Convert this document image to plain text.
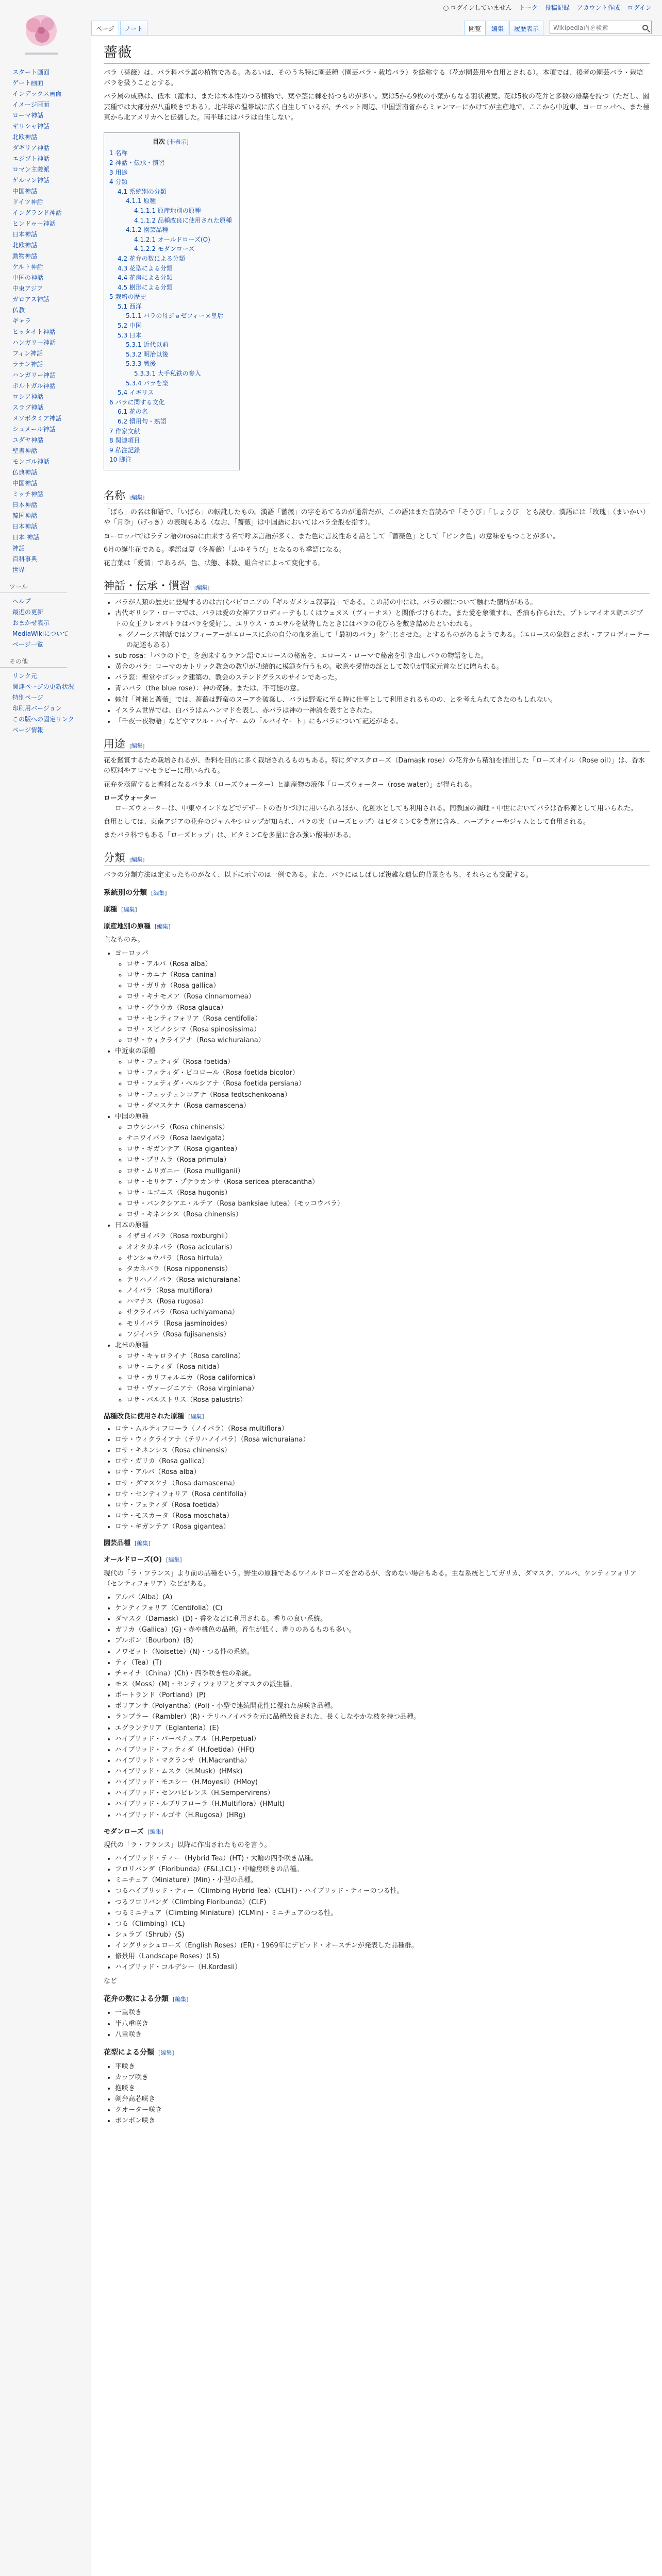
ログインしていません トーク 投稿記録 アカウント作成 ログイン
ページ	ノート	閲覧	編集	履歴表示	Wikipedia内を検索
スタート画面
ゲート画面
インデックス画面
イメージ画面
ローマ神話
ギリシャ神話
北欧神話
ダギリア神話
エジプト神話
ロマン主義派
ゲルマン神話
中国神話
ドイツ神話
イングランド神話
ヒンドゥー神話
日本神話
北欧神話
動物神話
ケルト神話
中国の神話
中東アジア
ガロアス神話
仏教
ギャラ
ヒッタイト神話
ハンガリー神話
フィン神話
ラテン神話
ハンガリー神話
ポルトガル神話
ロシア神話
スラブ神話
メソポタミア神話
シュメール神話
ユダヤ神話
聖書神話
モンゴル神話
仏典神話
中国神話
ミッチ神話
日本神話
韓国神話
日本神話
日本 神話
神話
百科事典
世界
ツール
ヘルプ
最近の更新
おまかせ表示
MediaWikiについて
ページ一覧
その他
リンク元
関連ページの更新状況
特別ページ
印刷用バージョン
この版への固定リンク
ページ情報
薔薇

バラ（薔薇）は、バラ科バラ属の植物である。あるいは、そのうち特に園芸種（園芸バラ・栽培バラ）を総称する（花が園芸用や食用とされる）。本項では、後者の園芸バラ・栽培バラを扱うこととする。

バラ属の成熟は、低木（灌木）、または木本性のつる植物で、葉や茎に棘を持つものが多い。葉は5から9枚の小葉からなる羽状複葉。花は5枚の花弁と多数の雄蘂を持つ（ただし、園芸種では大部分が八重咲きである）。北半球の温帯域に広く自生しているが、チベット周辺、中国雲南省からミャンマーにかけてが主産地で、ここから中近東、ヨーロッパへ、また極東から北アメリカへと伝播した。南半球にはバラは自生しない。

目次 [非表示]
1 名称
2 神話・伝承・慣習
3 用途
4 分類
4.1 系統別の分類
4.1.1 原種
4.1.1.1 原産地別の原種
4.1.1.2 品種改良に使用された原種
4.1.2 園芸品種
4.1.2.1 オールドローズ(O)
4.1.2.2 モダンローズ
4.2 花弁の数による分類
4.3 花型による分類
4.4 花房による分類
4.5 樹形による分類
5 栽培の歴史
5.1 西洋
5.1.1 バラの母ジョゼフィーヌ皇后
5.2 中国
5.3 日本
5.3.1 近代以前
5.3.2 明治以後
5.3.3 戦後
5.3.3.1 大手私鉄の参入
5.3.4 バラを楽
5.4 イギリス
6 バラに関する文化
6.1 花の名
6.2 慣用句・熟語
7 作家文献
8 関連項目
9 私注記録
10 脚注
名称 [編集]

「ばら」の名は和語で、「いばら」の転訛したもの。漢語「薔薇」の字をあてるのが通常だが、この語はまた音読みで「そうび」「しょうび」とも読む。漢語には「玫瑰」（まいかい）や「月季」（げっき）の表現もある（なお、「薔薇」は中国語においてはバラ全般を指す）。

ヨーロッパではラテン語のrosaに由来する名で呼ぶ言語が多く、また色に言及性ある話として「薔薇色」として「ピンク色」の意味をもつことが多い。

6月の誕生花である。季語は夏（冬薔薇）「ふゆそうび」となるのも季語になる。

花言葉は「愛情」であるが、色、状態、本数、組合せによって変化する。

神話・伝承・慣習 [編集]
• バラが人類の歴史に登場するのは古代バビロニアの「ギルガメシュ叙事詩」である。この詩の中には、バラの棘について触れた箇所がある。
• 古代ギリシア・ローマでは、バラは愛の女神アフロディーテもしくはウェヌス（ヴィーナス）と関係づけられた。また愛を象徴すれ、香油も作られた。プトレマイオス朝エジプトの女王クレオパトラはバラを愛好し、ユリウス・カエサルを歓待したときにはバラの花びらを敷き詰めたといわれる。
◦ グノーシス神話ではソフィーアーがエロースに恋の自分の血を流して「最初のバラ」を生じさせた。とするものがあるようである。（エロースの象徴とされ・アフロディーテーの記述もある）
• sub rosa：「バラの下で」を意味するラテン語でエロースの秘密を、エロース・ローマで秘密を引き出しバラの物語をした。
• 黄金のバラ：ローマのカトリック教会の教皇が功績的に模範を行うもの。敬意や愛情の証として教皇が国家元首などに贈られる。
• バラ窓：聖堂やゴシック建築の、教会のステンドグラスのサインであった。
• 青いバラ（the blue rose）：神の奇跡。または、不可能の意。
• 棘付「神秘と薔薇」では、薔薇は野蛮のヌーアを破棄し、バラは野蛮に至る時に仕事として利用されるものの、とを考えられてきたのもしれない。
• イスラム世界では、白バラはムハンマドを表し、赤バラは神の一神論を表すとされた。
• 「千夜一夜物語」などやマワル・ハイヤームの「ルバイヤート」にもバラについて記述がある。
用途 [編集]

花を鑑賞するため栽培されるが、香料を目的に多く栽培されるものもある。特にダマスクローズ（Damask rose）の花弁から精油を抽出した「ローズオイル（Rose oil）」は、香水の原料やアロマセラピーに用いられる。

花弁を蒸留すると香料となるバラ水（ローズウォーター）と副産物の液体「ローズウォーター（rose water）」が得られる。

ローズウォーター
ローズウォーターは、中東やインドなどでデザートの香りづけに用いられるほか、化粧水としても利用される。同教国の調理・中世においてバラは香料源として用いられた。

食用としては、東南アジアの花弁のジャムやシロップが知られ、バラの実（ローズヒップ）はビタミンCを豊富に含み、ハーブティーやジャムとして食用される。

またバラ科でもある「ローズヒップ」は、ビタミンCを多量に含み強い酸味がある。

分類 [編集]

バラの分類方法は定まったものがなく、以下に示すのは一例である。また、バラにはしばしば複雑な遺伝的背景をもち、それらとも交配する。

系統別の分類 [編集]
原種 [編集]
原産地別の原種 [編集]

主なものみ。

• ヨーロッパ
◦ ロサ・アルバ（Rosa alba）
◦ ロサ・カニナ（Rosa canina）
◦ ロサ・ガリカ（Rosa gallica）
◦ ロサ・キナモメア（Rosa cinnamomea）
◦ ロサ・グラウカ（Rosa glauca）
◦ ロサ・センティフォリア（Rosa centifolia）
◦ ロサ・スピノシシマ（Rosa spinosissima）
◦ ロサ・ウィクライアナ（Rosa wichuraiana）
• 中近東の原種
◦ ロサ・フェティダ（Rosa foetida）
◦ ロサ・フェティダ・ビコロール（Rosa foetida bicolor）
◦ ロサ・フェティダ・ペルシアナ（Rosa foetida persiana）
◦ ロサ・フェッチェンコアナ（Rosa fedtschenkoana）
◦ ロサ・ダマスケナ（Rosa damascena）
• 中国の原種
◦ コウシンバラ（Rosa chinensis）
◦ ナニワイバラ（Rosa laevigata）
◦ ロサ・ギガンテア（Rosa gigantea）
◦ ロサ・プリムラ（Rosa primula）
◦ ロサ・ムリガニー（Rosa mulliganii）
◦ ロサ・セリケア・プテラカンサ（Rosa sericea pteracantha）
◦ ロサ・ユゴニス（Rosa hugonis）
◦ ロサ・バンクシアエ・ルテア（Rosa banksiae lutea）（モッコウバラ）
◦ ロサ・キネンシス（Rosa chinensis）
• 日本の原種
◦ イザヨイバラ（Rosa roxburghii）
◦ オオタカネバラ（Rosa acicularis）
◦ サンショウバラ（Rosa hirtula）
◦ タカネバラ（Rosa nipponensis）
◦ テリハノイバラ（Rosa wichuraiana）
◦ ノイバラ（Rosa multiflora）
◦ ハマナス（Rosa rugosa）
◦ サクライバラ（Rosa uchiyamana）
◦ モリイバラ（Rosa jasminoides）
◦ フジイバラ（Rosa fujisanensis）
• 北米の原種
◦ ロサ・キャロライナ（Rosa carolina）
◦ ロサ・ニティダ（Rosa nitida）
◦ ロサ・カリフォルニカ（Rosa californica）
◦ ロサ・ヴァージニアナ（Rosa virginiana）
◦ ロサ・パルストリス（Rosa palustris）
品種改良に使用された原種 [編集]
• ロサ・ムルティフローラ（ノイバラ）（Rosa multiflora）
• ロサ・ウィクライアナ（テリハノイバラ）（Rosa wichuraiana）
• ロサ・キネンシス（Rosa chinensis）
• ロサ・ガリカ（Rosa gallica）
• ロサ・アルバ（Rosa alba）
• ロサ・ダマスケナ（Rosa damascena）
• ロサ・センティフォリア（Rosa centifolia）
• ロサ・フェティダ（Rosa foetida）
• ロサ・モスカータ（Rosa moschata）
• ロサ・ギガンテア（Rosa gigantea）
園芸品種 [編集]
オールドローズ(O) [編集]

現代の「ラ・フランス」より前の品種をいう。野生の原種であるワイルドローズを含めるが、含めない場合もある。主な系統としてガリカ、ダマスク、アルバ、ケンティフォリア（センティフォリア）などがある。

• アルバ（Alba）(A)
• ケンティフォリア（Centifolia）(C)
• ダマスク（Damask）(D)・香をなどに利用される。香りの良い系統。
• ガリカ（Gallica）(G)・赤や桃色の品種。育生が低く、香りのあるものも多い。
• ブルボン（Bourbon）(B)
• ノワゼット（Noisette）(N)・つる性の系統。
• ティ（Tea）(T)
• チャイナ（China）(Ch)・四季咲き性の系統。
• モス（Moss）(M)・センティフォリアとダマスクの派生種。
• ポートランド（Portland）(P)
• ポリアンサ（Polyantha）(Pol)・小型で連続開花性に優れた房咲き品種。
• ランブラー（Rambler）(R)・テリハノイバラを元に品種改良された、長くしなやかな枝を持つ品種。
• エグランテリア（Eglanteria）(E)
• ハイブリッド・パーペチュアル（H.Perpetual）
• ハイブリッド・フェティダ（H.foetida）(HFt)
• ハイブリッド・マクランサ（H.Macrantha）
• ハイブリッド・ムスク（H.Musk）(HMsk)
• ハイブリッド・モエシー（H.Moyesii）(HMoy)
• ハイブリッド・センパビレンス（H.Sempervirens）
• ハイブリッド・ルブリフローラ（H.Multiflora）(HMult)
• ハイブリッド・ルゴサ（H.Rugosa）(HRg)
モダンローズ [編集]

現代の「ラ・フランス」以降に作出されたものを言う。

• ハイブリッド・ティー（Hybrid Tea）(HT)・大輪の四季咲き品種。
• フロリバンダ（Floribunda）(F&L,LCL)・中輪房咲きの品種。
• ミニチュア（Miniature）(Min)・小型の品種。
• つるハイブリッド・ティー（Climbing Hybrid Tea）(CLHT)・ハイブリッド・ティーのつる性。
• つるフロリバンダ（Climbing Floribunda）(CLF)
• つるミニチュア（Climbing Miniature）(CLMin)・ミニチュアのつる性。
• つる（Climbing）(CL)
• シュラブ（Shrub）(S)
• イングリッシュローズ（English Roses）(ER)・1969年にデビッド・オースチンが発表した品種群。
• 修景用（Landscape Roses）(LS)
• ハイブリッド・コルデシー（H.Kordesii）

など

花弁の数による分類 [編集]
• 一重咲き
• 半八重咲き
• 八重咲き
花型による分類 [編集]
• 平咲き
• カップ咲き
• 抱咲き
• 剣弁高芯咲き
• クオーター咲き
• ポンポン咲き
